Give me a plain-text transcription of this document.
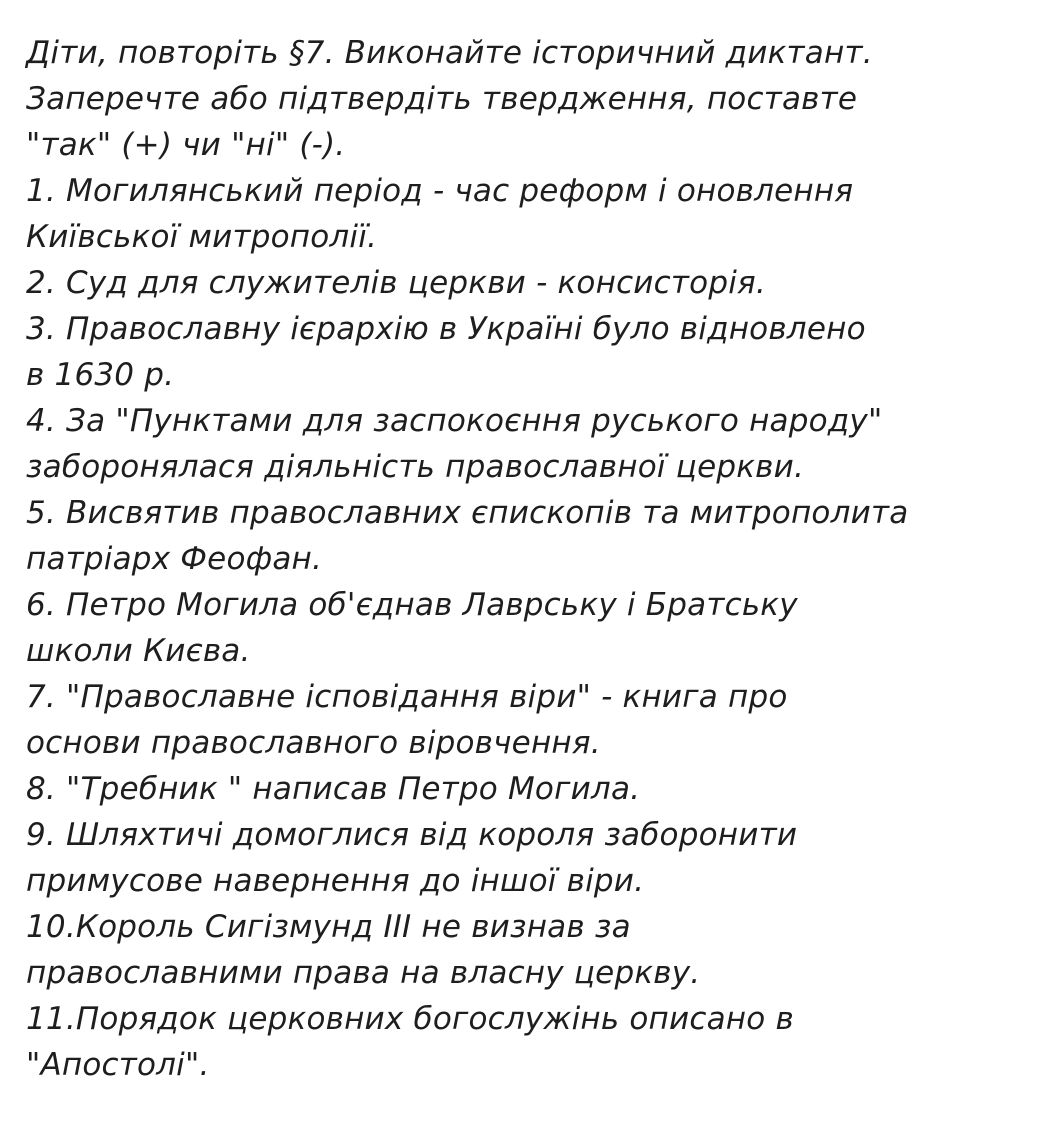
Діти, повторіть §7. Виконайте історичний диктант.
Заперечте або підтвердіть твердження, поставте
"так" (+) чи "ні" (-).
1. Могилянський період - час реформ і оновлення
Київської митрополії.
2. Суд для служителів церкви - консисторія.
3. Православну ієрархію в Україні було відновлено
в 1630 р.
4. За "Пунктами для заспокоєння руського народу"
заборонялася діяльність православної церкви.
5. Висвятив православних єпископів та митрополита
патріарх Феофан.
6. Петро Могила об'єднав Лаврську і Братську
школи Києва.
7. "Православне ісповідання віри" - книга про
основи православного віровчення.
8. "Требник " написав Петро Могила.
9. Шляхтичі домоглися від короля заборонити
примусове навернення до іншої віри.
10.Король Сигізмунд III не визнав за
православними права на власну церкву.
11.Порядок церковних богослужінь описано в
"Апостолі".
